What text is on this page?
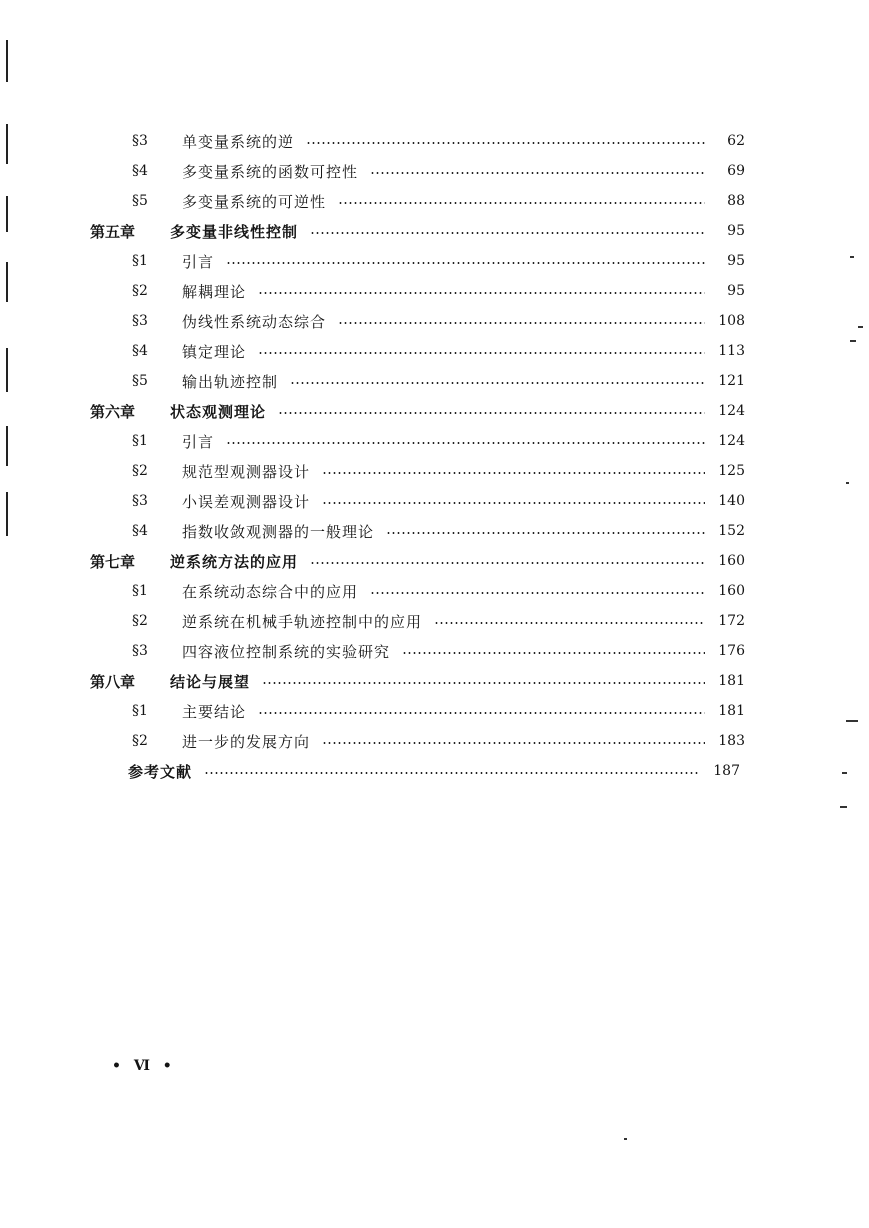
§3	单变量系统的逆	62
§4	多变量系统的函数可控性	69
§5	多变量系统的可逆性	88
第五章	多变量非线性控制	95
§1	引言	95
§2	解耦理论	95
§3	伪线性系统动态综合	108
§4	镇定理论	113
§5	输出轨迹控制	121
第六章	状态观测理论	124
§1	引言	124
§2	规范型观测器设计	125
§3	小误差观测器设计	140
§4	指数收敛观测器的一般理论	152
第七章	逆系统方法的应用	160
§1	在系统动态综合中的应用	160
§2	逆系统在机械手轨迹控制中的应用	172
§3	四容液位控制系统的实验研究	176
第八章	结论与展望	181
§1	主要结论	181
§2	进一步的发展方向	183
参考文献	187
• Ⅵ •
